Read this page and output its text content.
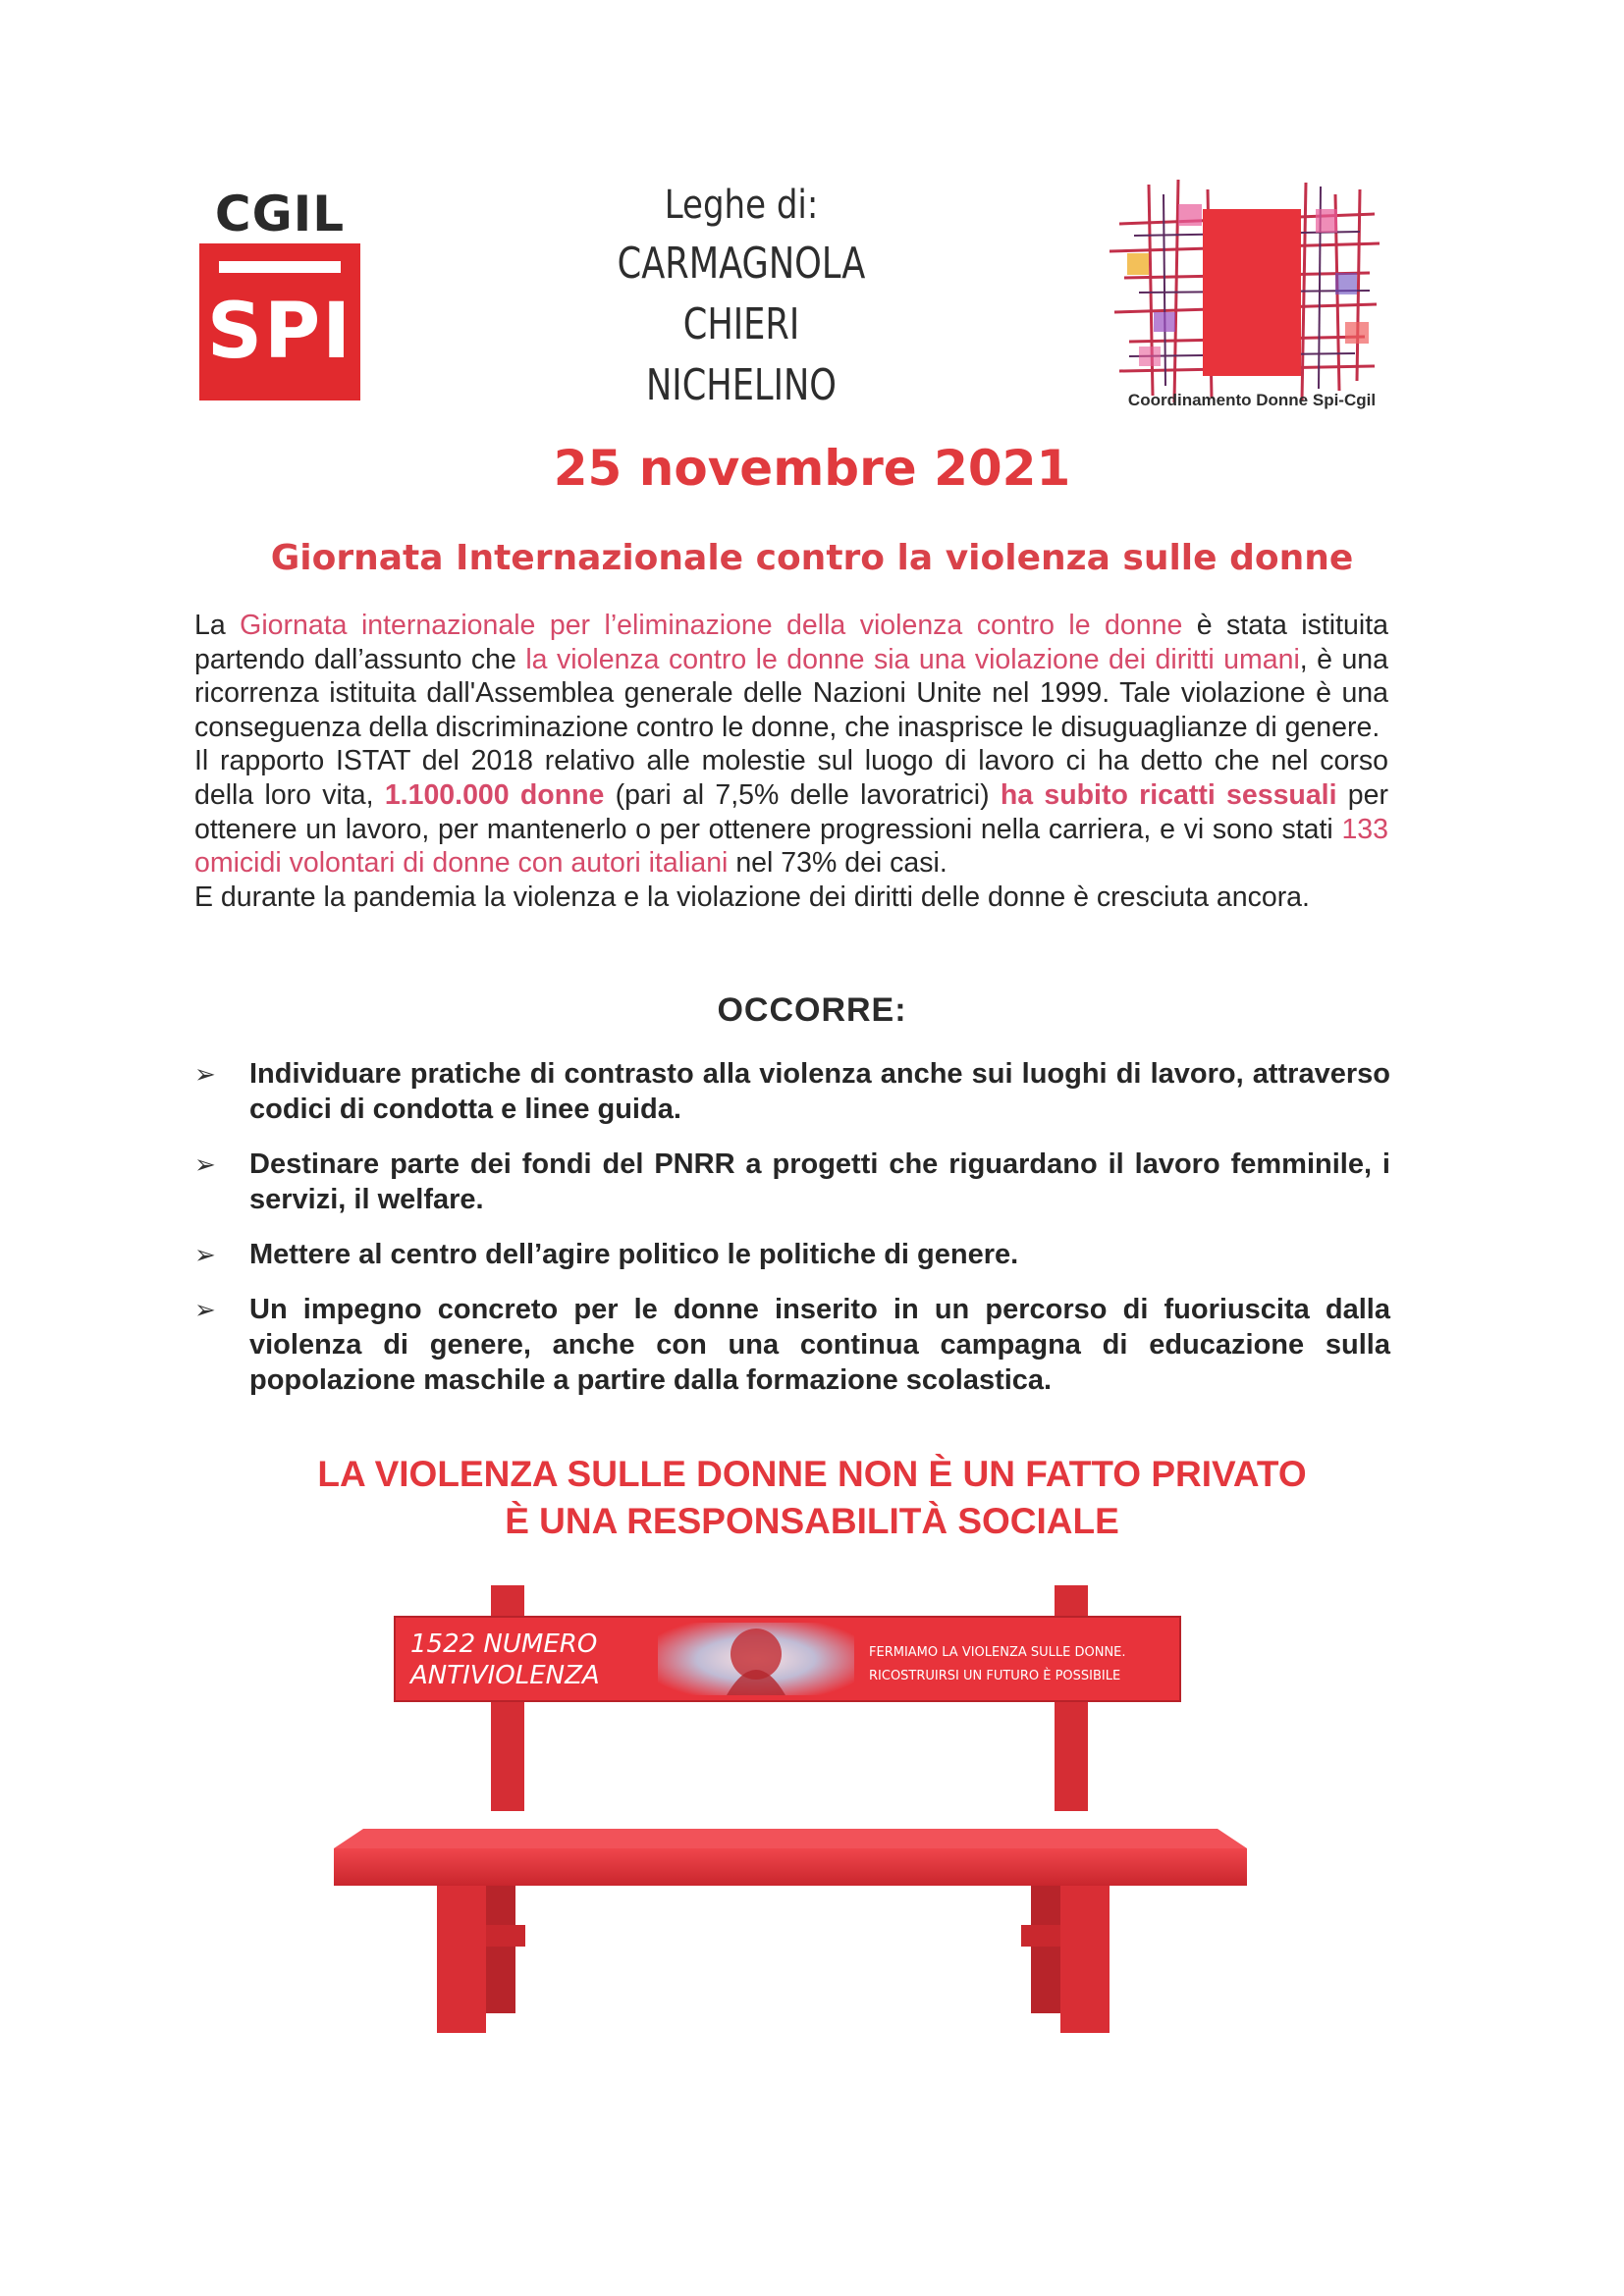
CGIL
SPI
Leghe di:
CARMAGNOLA
CHIERI
NICHELINO	Coordinamento Donne Spi-Cgil
25 novembre 2021
Giornata Internazionale contro la violenza sulle donne

La Giornata internazionale per l’eliminazione della violenza contro le donne è stata istituita partendo dall’assunto che la violenza contro le donne sia una violazione dei diritti umani, è una ricorrenza istituita dall'Assemblea generale delle Nazioni Unite nel 1999. Tale violazione è una conseguenza della discriminazione contro le donne, che inasprisce le disuguaglianze di genere.

Il rapporto ISTAT del 2018 relativo alle molestie sul luogo di lavoro ci ha detto che nel corso della loro vita, 1.100.000 donne (pari al 7,5% delle lavoratrici) ha subito ricatti sessuali per ottenere un lavoro, per mantenerlo o per ottenere progressioni nella carriera, e vi sono stati 133 omicidi volontari di donne con autori italiani nel 73% dei casi.

E durante la pandemia la violenza e la violazione dei diritti delle donne è cresciuta ancora.

OCCORRE:
➢ Individuare pratiche di contrasto alla violenza anche sui luoghi di lavoro, attraverso codici di condotta e linee guida.
➢ Destinare parte dei fondi del PNRR a progetti che riguardano il lavoro femminile, i servizi, il welfare.
➢ Mettere al centro dell’agire politico le politiche di genere.
➢ Un impegno concreto per le donne inserito in un percorso di fuoriuscita dalla violenza di genere, anche con una continua campagna di educazione sulla popolazione maschile a partire dalla formazione scolastica.
LA VIOLENZA SULLE DONNE NON È UN FATTO PRIVATO
È UNA RESPONSABILITÀ SOCIALE
1522 NUMERO
ANTIVIOLENZA
FERMIAMO LA VIOLENZA SULLE DONNE.
RICOSTRUIRSI UN FUTURO È POSSIBILE
